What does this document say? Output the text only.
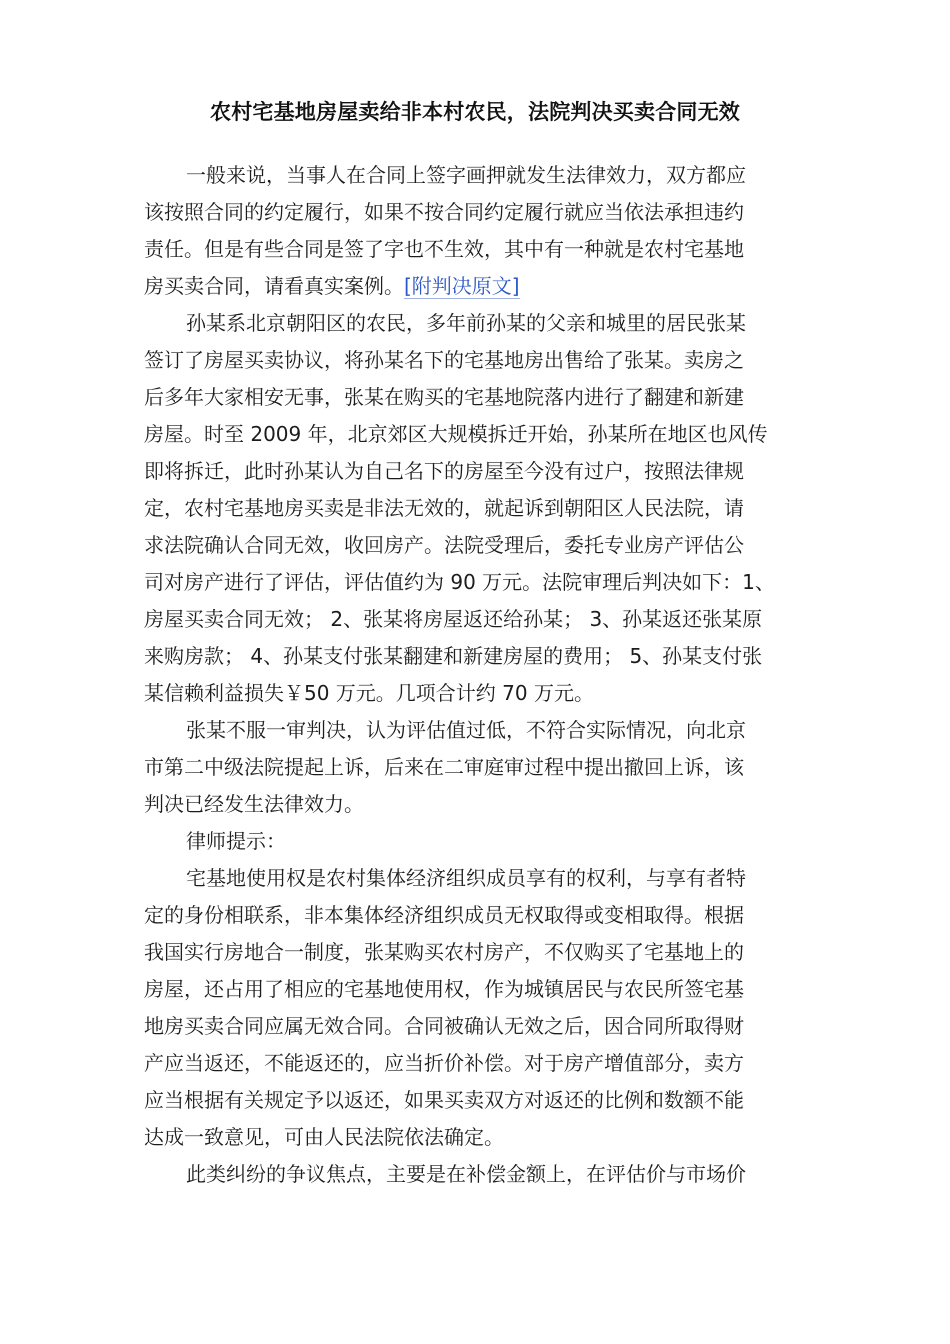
农村宅基地房屋卖给非本村农民，法院判决买卖合同无效

一般来说，当事人在合同上签字画押就发生法律效力，双方都应
该按照合同的约定履行，如果不按合同约定履行就应当依法承担违约
责任。但是有些合同是签了字也不生效，其中有一种就是农村宅基地
房买卖合同，请看真实案例。[附判决原文]

孙某系北京朝阳区的农民，多年前孙某的父亲和城里的居民张某
签订了房屋买卖协议，将孙某名下的宅基地房出售给了张某。卖房之
后多年大家相安无事，张某在购买的宅基地院落内进行了翻建和新建
房屋。时至 2009 年，北京郊区大规模拆迁开始，孙某所在地区也风传
即将拆迁，此时孙某认为自己名下的房屋至今没有过户，按照法律规
定，农村宅基地房买卖是非法无效的，就起诉到朝阳区人民法院，请
求法院确认合同无效，收回房产。法院受理后，委托专业房产评估公
司对房产进行了评估，评估值约为 90 万元。法院审理后判决如下：1、
房屋买卖合同无效； 2、张某将房屋返还给孙某； 3、孙某返还张某原
来购房款； 4、孙某支付张某翻建和新建房屋的费用； 5、孙某支付张
某信赖利益损失￥50 万元。几项合计约 70 万元。

张某不服一审判决，认为评估值过低，不符合实际情况，向北京
市第二中级法院提起上诉，后来在二审庭审过程中提出撤回上诉，该
判决已经发生法律效力。

律师提示：

宅基地使用权是农村集体经济组织成员享有的权利，与享有者特
定的身份相联系，非本集体经济组织成员无权取得或变相取得。根据
我国实行房地合一制度，张某购买农村房产，不仅购买了宅基地上的
房屋，还占用了相应的宅基地使用权，作为城镇居民与农民所签宅基
地房买卖合同应属无效合同。合同被确认无效之后，因合同所取得财
产应当返还，不能返还的，应当折价补偿。对于房产增值部分，卖方
应当根据有关规定予以返还，如果买卖双方对返还的比例和数额不能
达成一致意见，可由人民法院依法确定。

此类纠纷的争议焦点，主要是在补偿金额上，在评估价与市场价
